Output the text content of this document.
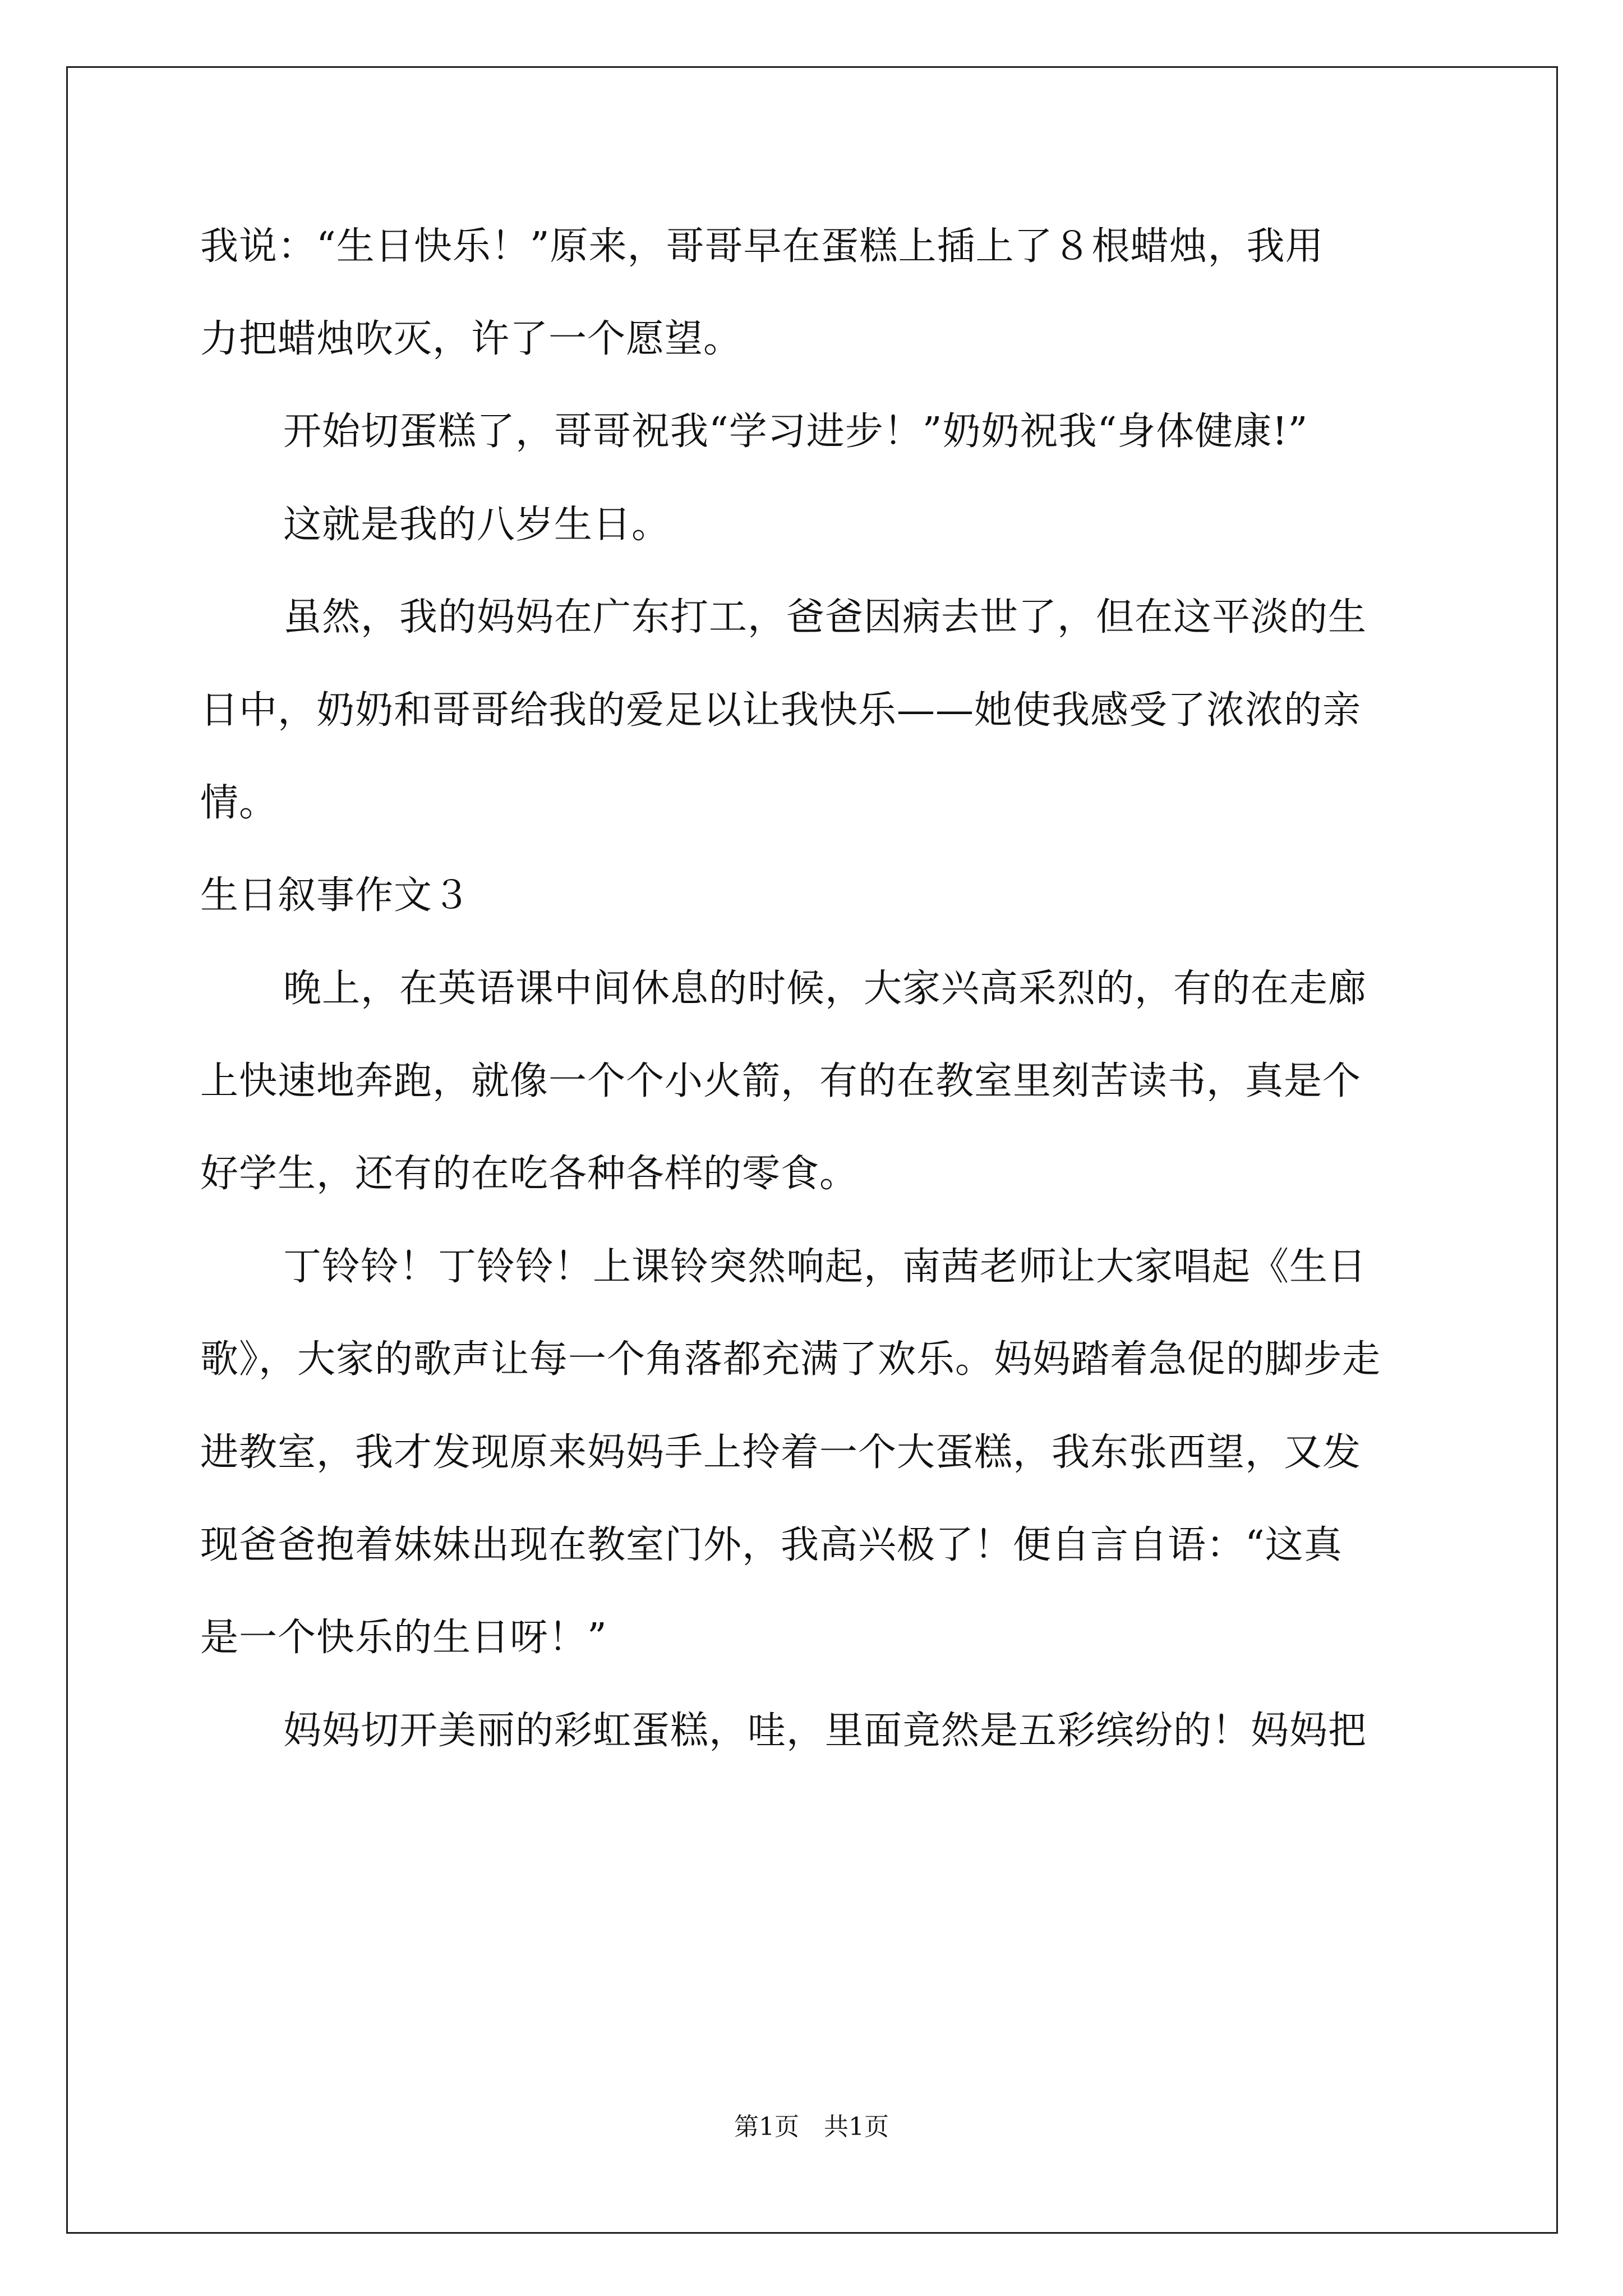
我说：“生日快乐！”原来，哥哥早在蛋糕上插上了８根蜡烛，我用
力把蜡烛吹灭，许了一个愿望。
开始切蛋糕了，哥哥祝我“学习进步！”奶奶祝我“身体健康!”
这就是我的八岁生日。
虽然，我的妈妈在广东打工，爸爸因病去世了，但在这平淡的生
日中，奶奶和哥哥给我的爱足以让我快乐——她使我感受了浓浓的亲
情。
生日叙事作文３
晚上，在英语课中间休息的时候，大家兴高采烈的，有的在走廊
上快速地奔跑，就像一个个小火箭，有的在教室里刻苦读书，真是个
好学生，还有的在吃各种各样的零食。
丁铃铃！丁铃铃！上课铃突然响起，南茜老师让大家唱起《生日
歌》，大家的歌声让每一个角落都充满了欢乐。妈妈踏着急促的脚步走
进教室，我才发现原来妈妈手上拎着一个大蛋糕，我东张西望，又发
现爸爸抱着妹妹出现在教室门外，我高兴极了！便自言自语：“这真
是一个快乐的生日呀！”
妈妈切开美丽的彩虹蛋糕，哇，里面竟然是五彩缤纷的！妈妈把
第1页　共1页
